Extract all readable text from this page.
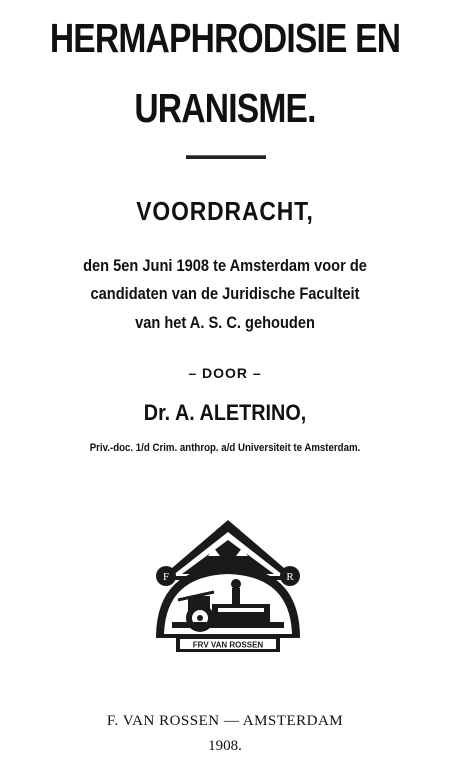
HERMAPHRODISIE EN
URANISME.
VOORDRACHT,
den 5en Juni 1908 te Amsterdam voor de
candidaten van de Juridische Faculteit
van het A. S. C. gehouden
– DOOR –
Dr. A. ALETRINO,
Priv.-doc. 1/d Crim. anthrop. a/d Universiteit te Amsterdam.
F	R
FRV VAN ROSSEN
F. VAN ROSSEN — AMSTERDAM
1908.
